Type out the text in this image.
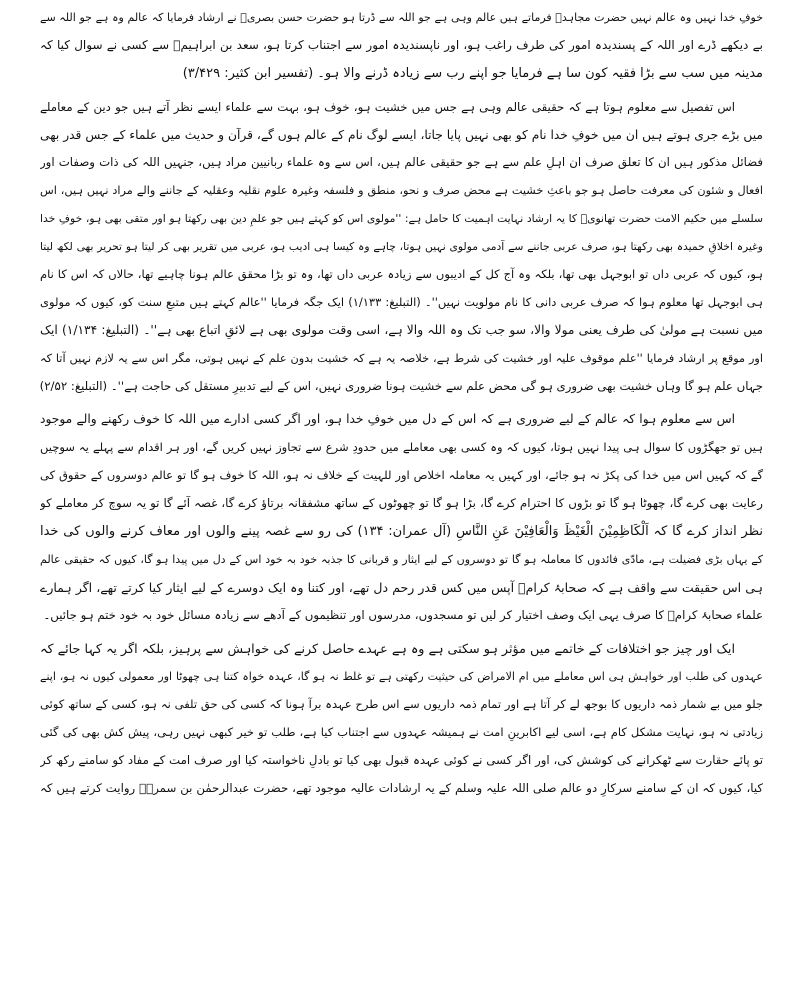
خوفِ خدا نہیں وہ عالم نہیں حضرت مجاہدؒ فرماتے ہیں عالم وہی ہے جو اللہ سے ڈرتا ہو حضرت حسن بصریؒ نے ارشاد فرمایا کہ عالم وہ ہے جو اللہ سے
بے دیکھے ڈرے اور اللہ کے پسندیدہ امور کی طرف راغب ہو، اور ناپسندیدہ امور سے اجتناب کرتا ہو، سعد بن ابراہیمؒ سے کسی نے سوال کیا کہ
مدینہ میں سب سے بڑا فقیہ کون سا ہے فرمایا جو اپنے رب سے زیادہ ڈرنے والا ہو۔ (تفسیر ابن کثیر: ۳/۴۲۹)
اس تفصیل سے معلوم ہوتا ہے کہ حقیقی عالم وہی ہے جس میں خشیت ہو، خوف ہو، بہت سے علماء ایسے نظر آتے ہیں جو دین کے معاملے
میں بڑے جری ہوتے ہیں ان میں خوفِ خدا نام کو بھی نہیں پایا جاتا، ایسے لوگ نام کے عالم ہوں گے، قرآن و حدیث میں علماء کے جس قدر بھی
فضائل مذکور ہیں ان کا تعلق صرف ان اہلِ علم سے ہے جو حقیقی عالم ہیں، اس سے وہ علماء ربانیین مراد ہیں، جنہیں اللہ کی ذات وصفات اور
افعال و شئون کی معرفت حاصل ہو جو باعثِ خشیت ہے محض صرف و نحو، منطق و فلسفہ وغیرہ علوم نقلیہ وعقلیہ کے جاننے والے مراد نہیں ہیں، اس
سلسلے میں حکیم الامت حضرت تھانویؒ کا یہ ارشاد نہایت اہمیت کا حامل ہے: ''مولوی اس کو کہتے ہیں جو علمِ دین بھی رکھتا ہو اور متقی بھی ہو، خوفِ خدا
وغیرہ اخلاقِ حمیدہ بھی رکھتا ہو، صرف عربی جاننے سے آدمی مولوی نہیں ہوتا، چاہے وہ کیسا ہی ادیب ہو، عربی میں تقریر بھی کر لیتا ہو تحریر بھی لکھ لیتا
ہو، کیوں کہ عربی داں تو ابوجہل بھی تھا، بلکہ وہ آج کل کے ادیبوں سے زیادہ عربی داں تھا، وہ تو بڑا محقق عالم ہونا چاہیے تھا، حالاں کہ اس کا نام
ہی ابوجہل تھا معلوم ہوا کہ صرف عربی دانی کا نام مولویت نہیں''۔ (التبلیغ: ۱/۱۳۳) ایک جگہ فرمایا ''عالم کہتے ہیں متبعِ سنت کو، کیوں کہ مولوی
میں نسبت ہے مولیٰ کی طرف یعنی مولا والا، سو جب تک وہ اللہ والا ہے، اسی وقت مولوی بھی ہے لائقِ اتباع بھی ہے''۔ (التبلیغ: ۱/۱۳۴) ایک
اور موقع پر ارشاد فرمایا ''علم موقوف علیہ اور خشیت کی شرط ہے، خلاصہ یہ ہے کہ خشیت بدون علم کے نہیں ہوتی، مگر اس سے یہ لازم نہیں آتا کہ
جہاں علم ہو گا وہاں خشیت بھی ضروری ہو گی محض علم سے خشیت ہونا ضروری نہیں، اس کے لیے تدبیرِ مستقل کی حاجت ہے''۔ (التبلیغ: ۲/۵۲)
اس سے معلوم ہوا کہ عالم کے لیے ضروری ہے کہ اس کے دل میں خوفِ خدا ہو، اور اگر کسی ادارے میں اللہ کا خوف رکھنے والے موجود
ہیں تو جھگڑوں کا سوال ہی پیدا نہیں ہوتا، کیوں کہ وہ کسی بھی معاملے میں حدودِ شرع سے تجاوز نہیں کریں گے، اور ہر اقدام سے پہلے یہ سوچیں
گے کہ کہیں اس میں خدا کی پکڑ نہ ہو جائے، اور کہیں یہ معاملہ اخلاص اور للہیت کے خلاف نہ ہو، اللہ کا خوف ہو گا تو عالم دوسروں کے حقوق کی
رعایت بھی کرے گا، چھوٹا ہو گا تو بڑوں کا احترام کرے گا، بڑا ہو گا تو چھوٹوں کے ساتھ مشفقانہ برتاؤ کرے گا، غصہ آئے گا تو یہ سوچ کر معاملے کو
نظر انداز کرے گا کہ اَلْکَاظِمِیْنَ الْغَیْظَ وَالْعَافِیْنَ عَنِ النَّاسِ (آل عمران: ۱۳۴) کی رو سے غصہ پینے والوں اور معاف کرنے والوں کی خدا
کے یہاں بڑی فضیلت ہے، مادّی فائدوں کا معاملہ ہو گا تو دوسروں کے لیے ایثار و قربانی کا جذبہ خود بہ خود اس کے دل میں پیدا ہو گا، کیوں کہ حقیقی عالم
ہی اس حقیقت سے واقف ہے کہ صحابۂ کرامؓ آپس میں کس قدر رحم دل تھے، اور کتنا وہ ایک دوسرے کے لیے ایثار کیا کرتے تھے، اگر ہمارے
علماء صحابۂ کرامؓ کا صرف یہی ایک وصف اختیار کر لیں تو مسجدوں، مدرسوں اور تنظیموں کے آدھے سے زیادہ مسائل خود بہ خود ختم ہو جائیں۔
ایک اور چیز جو اختلافات کے خاتمے میں مؤثر ہو سکتی ہے وہ ہے عہدے حاصل کرنے کی خواہش سے پرہیز، بلکہ اگر یہ کہا جائے کہ
عہدوں کی طلب اور خواہش ہی اس معاملے میں ام الامراض کی حیثیت رکھتی ہے تو غلط نہ ہو گا، عہدہ خواہ کتنا ہی چھوٹا اور معمولی کیوں نہ ہو، اپنے
جلو میں بے شمار ذمہ داریوں کا بوجھ لے کر آتا ہے اور تمام ذمہ داریوں سے اس طرح عہدہ برآ ہونا کہ کسی کی حق تلفی نہ ہو، کسی کے ساتھ کوئی
زیادتی نہ ہو، نہایت مشکل کام ہے، اسی لیے اکابرینِ امت نے ہمیشہ عہدوں سے اجتناب کیا ہے، طلب تو خیر کبھی نہیں رہی، پیش کش بھی کی گئی
تو پائے حقارت سے ٹھکرانے کی کوشش کی، اور اگر کسی نے کوئی عہدہ قبول بھی کیا تو بادلِ ناخواستہ کیا اور صرف امت کے مفاد کو سامنے رکھ کر
کیا، کیوں کہ ان کے سامنے سرکارِ دو عالم صلی اللہ علیہ وسلم کے یہ ارشادات عالیہ موجود تھے، حضرت عبدالرحمٰن بن سمرہؓ روایت کرتے ہیں کہ
